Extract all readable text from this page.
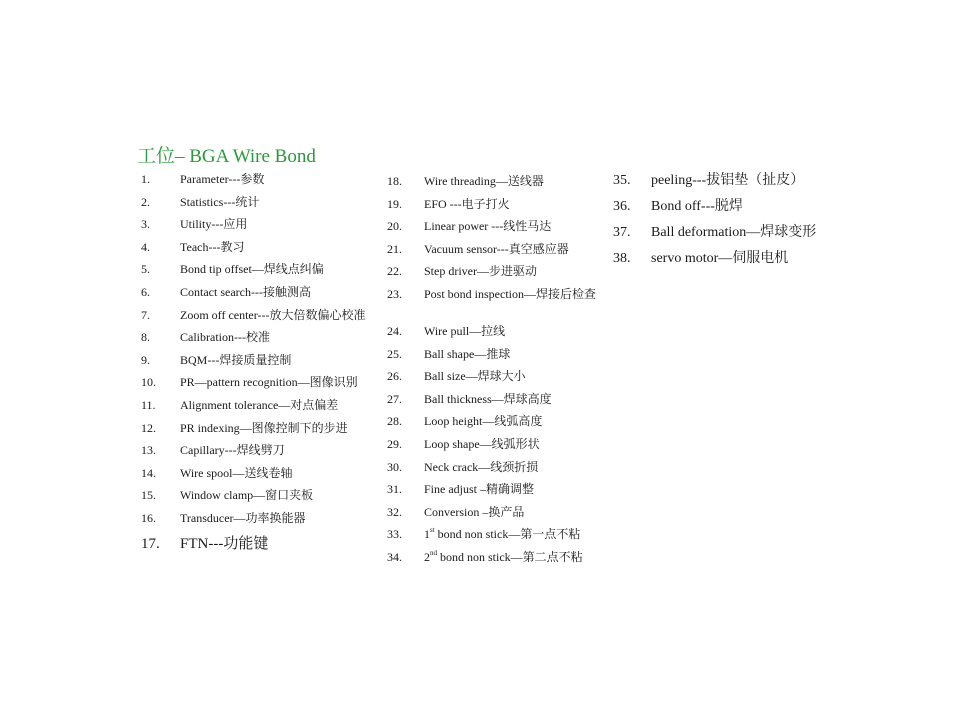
工位– BGA Wire Bond
1.	Parameter---参数
2.	Statistics---统计
3.	Utility---应用
4.	Teach---教习
5.	Bond tip offset—焊线点纠偏
6.	Contact search---接触测高
7.	Zoom off center---放大倍数偏心校准
8.	Calibration---校准
9.	BQM---焊接质量控制
10. PR—pattern recognition—图像识别
11. Alignment tolerance—对点偏差
12. PR indexing—图像控制下的步进
13. Capillary---焊线劈刀
14. Wire spool—送线卷轴
15. Window clamp—窗口夹板
16. Transducer—功率换能器
17. FTN---功能键
18. Wire threading—送线器
19. EFO ---电子打火
20. Linear power ---线性马达
21. Vacuum sensor---真空感应器
22. Step driver—步进驱动
23. Post bond inspection—焊接后检查
24. Wire pull—拉线
25. Ball shape—推球
26. Ball size—焊球大小
27. Ball thickness—焊球高度
28. Loop height—线弧高度
29. Loop shape—线弧形状
30. Neck crack—线颈折损
31. Fine adjust –精确调整
32. Conversion –换产品
33. 1st bond non stick—第一点不粘
34. 2nd bond non stick—第二点不粘
35. peeling---拔铝垫（扯皮）
36. Bond off---脱焊
37. Ball deformation—焊球变形
38. servo motor—伺服电机
